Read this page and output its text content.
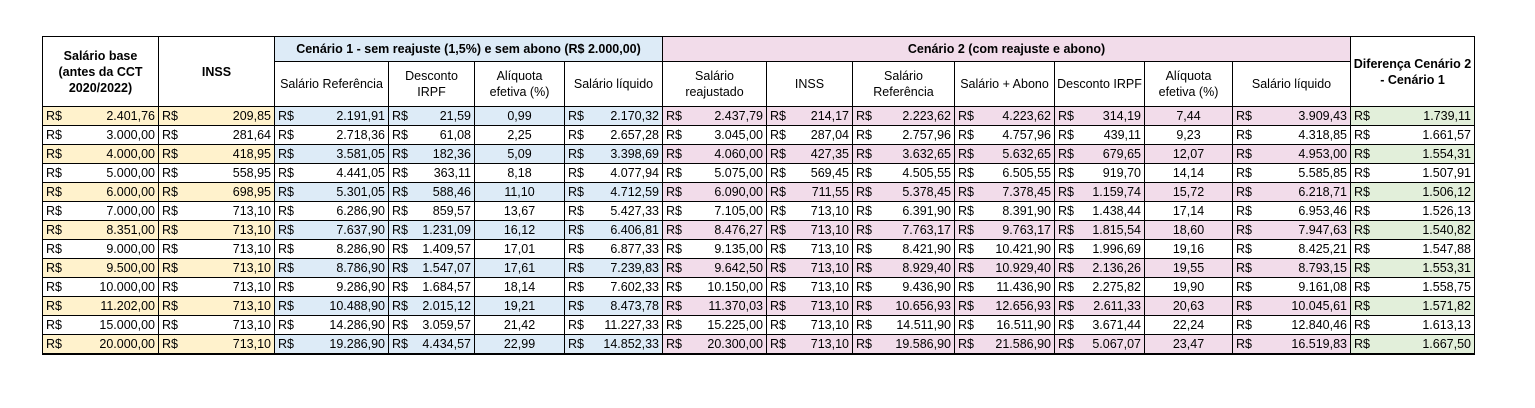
Salário base (antes da CCT 2020/2022)	INSS	Cenário 1 - sem reajuste (1,5%) e sem abono (R$ 2.000,00)				Cenário 2 (com reajuste e abono)							Diferença Cenário 2 - Cenário 1
		Salário Referência	Desconto IRPF	Alíquota efetiva (%)	Salário líquido	Salário reajustado	INSS	Salário Referência	Salário + Abono	Desconto IRPF	Alíquota efetiva (%)	Salário líquido	

R$ 2.401,76	R$ 209,85	R$ 2.191,91	R$ 21,59	0,99	R$ 2.170,32	R$ 2.437,79	R$ 214,17	R$ 2.223,62	R$ 4.223,62	R$ 314,19	7,44	R$ 3.909,43	R$ 1.739,11

R$ 3.000,00	R$ 281,64	R$ 2.718,36	R$ 61,08	2,25	R$ 2.657,28	R$ 3.045,00	R$ 287,04	R$ 2.757,96	R$ 4.757,96	R$ 439,11	9,23	R$ 4.318,85	R$ 1.661,57

R$ 4.000,00	R$ 418,95	R$ 3.581,05	R$ 182,36	5,09	R$ 3.398,69	R$ 4.060,00	R$ 427,35	R$ 3.632,65	R$ 5.632,65	R$ 679,65	12,07	R$ 4.953,00	R$ 1.554,31

R$ 5.000,00	R$ 558,95	R$ 4.441,05	R$ 363,11	8,18	R$ 4.077,94	R$ 5.075,00	R$ 569,45	R$ 4.505,55	R$ 6.505,55	R$ 919,70	14,14	R$ 5.585,85	R$ 1.507,91

R$ 6.000,00	R$ 698,95	R$ 5.301,05	R$ 588,46	11,10	R$ 4.712,59	R$ 6.090,00	R$ 711,55	R$ 5.378,45	R$ 7.378,45	R$ 1.159,74	15,72	R$ 6.218,71	R$ 1.506,12

R$ 7.000,00	R$ 713,10	R$ 6.286,90	R$ 859,57	13,67	R$ 5.427,33	R$ 7.105,00	R$ 713,10	R$ 6.391,90	R$ 8.391,90	R$ 1.438,44	17,14	R$ 6.953,46	R$ 1.526,13

R$ 8.351,00	R$ 713,10	R$ 7.637,90	R$ 1.231,09	16,12	R$ 6.406,81	R$ 8.476,27	R$ 713,10	R$ 7.763,17	R$ 9.763,17	R$ 1.815,54	18,60	R$ 7.947,63	R$ 1.540,82

R$ 9.000,00	R$ 713,10	R$ 8.286,90	R$ 1.409,57	17,01	R$ 6.877,33	R$ 9.135,00	R$ 713,10	R$ 8.421,90	R$ 10.421,90	R$ 1.996,69	19,16	R$ 8.425,21	R$ 1.547,88

R$ 9.500,00	R$ 713,10	R$ 8.786,90	R$ 1.547,07	17,61	R$ 7.239,83	R$ 9.642,50	R$ 713,10	R$ 8.929,40	R$ 10.929,40	R$ 2.136,26	19,55	R$ 8.793,15	R$ 1.553,31

R$ 10.000,00	R$ 713,10	R$ 9.286,90	R$ 1.684,57	18,14	R$ 7.602,33	R$ 10.150,00	R$ 713,10	R$ 9.436,90	R$ 11.436,90	R$ 2.275,82	19,90	R$ 9.161,08	R$ 1.558,75

R$ 11.202,00	R$ 713,10	R$ 10.488,90	R$ 2.015,12	19,21	R$ 8.473,78	R$ 11.370,03	R$ 713,10	R$ 10.656,93	R$ 12.656,93	R$ 2.611,33	20,63	R$ 10.045,61	R$ 1.571,82

R$ 15.000,00	R$ 713,10	R$ 14.286,90	R$ 3.059,57	21,42	R$ 11.227,33	R$ 15.225,00	R$ 713,10	R$ 14.511,90	R$ 16.511,90	R$ 3.671,44	22,24	R$ 12.840,46	R$ 1.613,13

R$ 20.000,00	R$ 713,10	R$ 19.286,90	R$ 4.434,57	22,99	R$ 14.852,33	R$ 20.300,00	R$ 713,10	R$ 19.586,90	R$ 21.586,90	R$ 5.067,07	23,47	R$ 16.519,83	R$ 1.667,50
